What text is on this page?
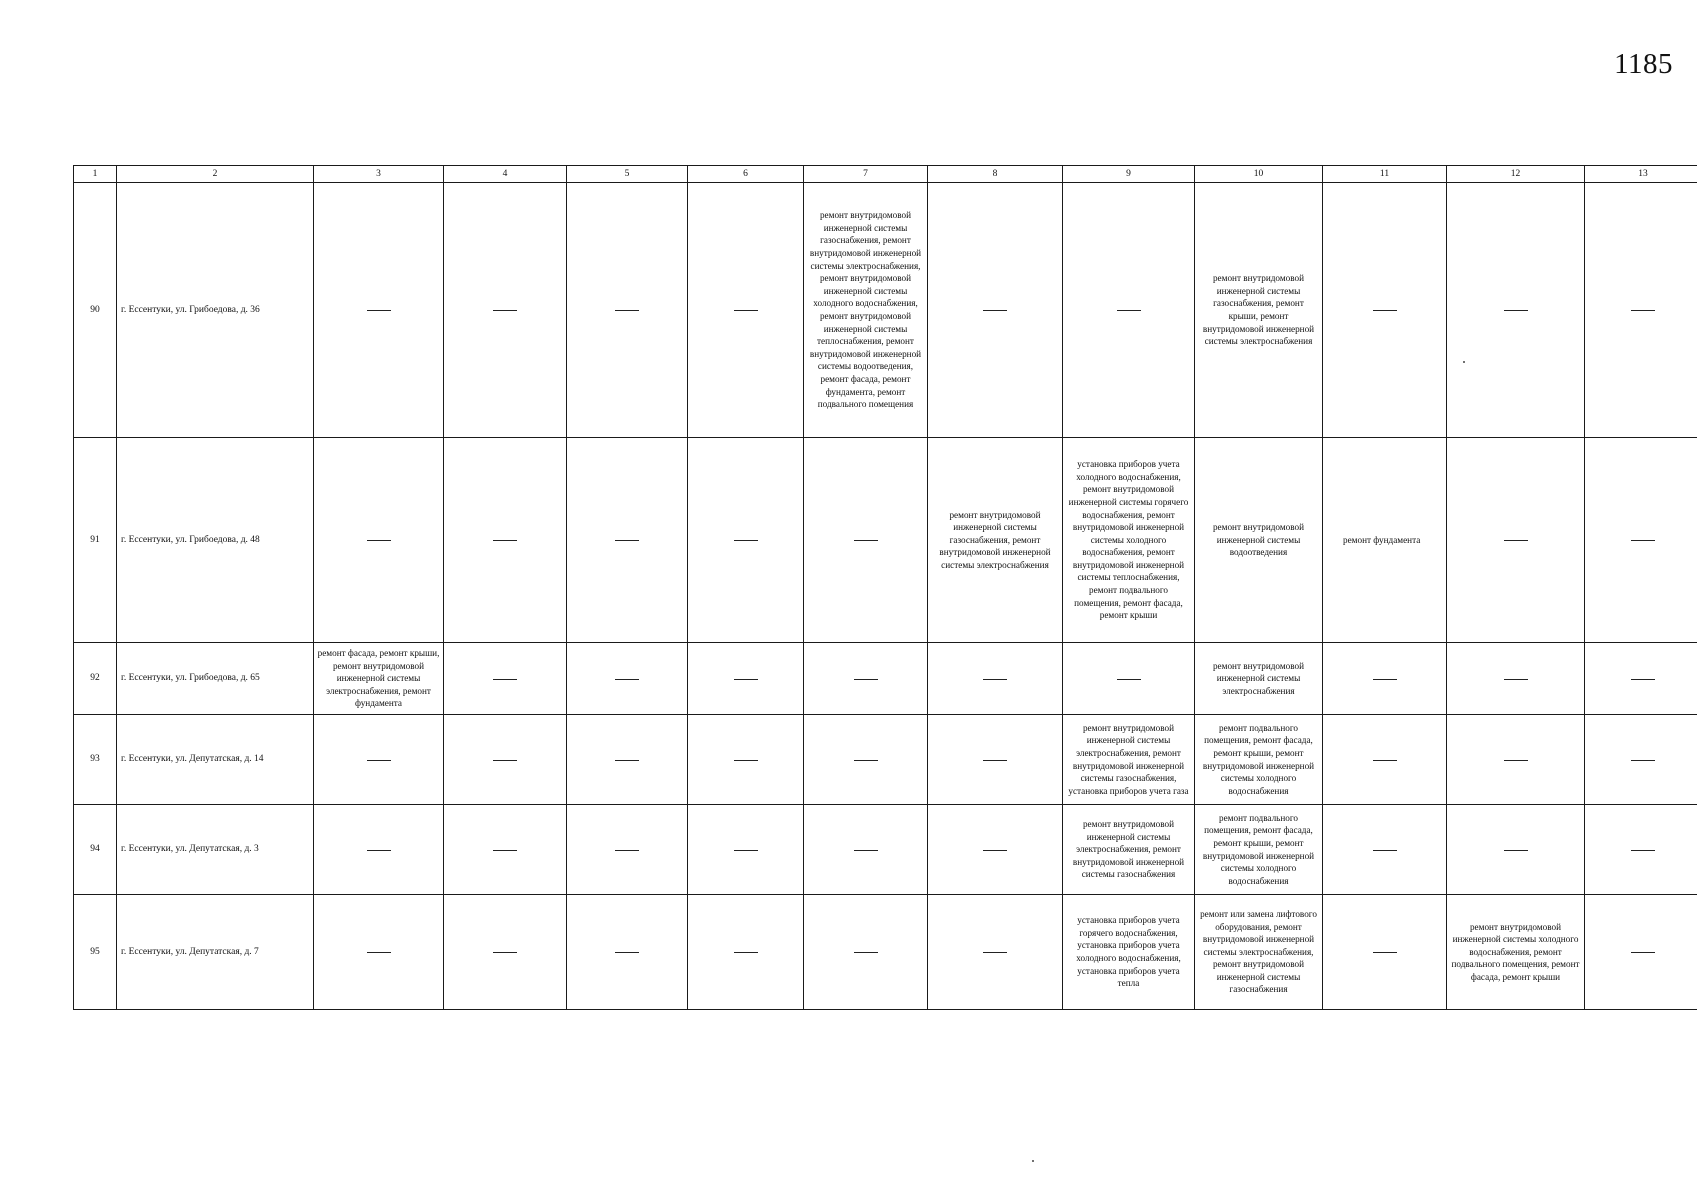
1185
1	2	3	4	5	6	7	8	9	10	11	12	13
90	г. Ессентуки, ул. Грибоедова, д. 36					ремонт внутридомовой инженерной системы газоснабжения, ремонт внутридомовой инженерной системы электроснабжения, ремонт внутридомовой инженерной системы холодного водоснабжения, ремонт внутридомовой инженерной системы теплоснабжения, ремонт внутридомовой инженерной системы водоотведения, ремонт фасада, ремонт фундамента, ремонт подвального помещения			ремонт внутридомовой инженерной системы газоснабжения, ремонт крыши, ремонт внутридомовой инженерной системы электроснабжения			
91	г. Ессентуки, ул. Грибоедова, д. 48						ремонт внутридомовой инженерной системы газоснабжения, ремонт внутридомовой инженерной системы электроснабжения	установка приборов учета холодного водоснабжения, ремонт внутридомовой инженерной системы горячего водоснабжения, ремонт внутридомовой инженерной системы холодного водоснабжения, ремонт внутридомовой инженерной системы теплоснабжения, ремонт подвального помещения, ремонт фасада, ремонт крыши	ремонт внутридомовой инженерной системы водоотведения	ремонт фундамента		
92	г. Ессентуки, ул. Грибоедова, д. 65	ремонт фасада, ремонт крыши, ремонт внутридомовой инженерной системы электроснабжения, ремонт фундамента							ремонт внутридомовой инженерной системы электроснабжения			
93	г. Ессентуки, ул. Депутатская, д. 14							ремонт внутридомовой инженерной системы электроснабжения, ремонт внутридомовой инженерной системы газоснабжения, установка приборов учета газа	ремонт подвального помещения, ремонт фасада, ремонт крыши, ремонт внутридомовой инженерной системы холодного водоснабжения			
94	г. Ессентуки, ул. Депутатская, д. 3							ремонт внутридомовой инженерной системы электроснабжения, ремонт внутридомовой инженерной системы газоснабжения	ремонт подвального помещения, ремонт фасада, ремонт крыши, ремонт внутридомовой инженерной системы холодного водоснабжения			
95	г. Ессентуки, ул. Депутатская, д. 7							установка приборов учета горячего водоснабжения, установка приборов учета холодного водоснабжения, установка приборов учета тепла	ремонт или замена лифтового оборудования, ремонт внутридомовой инженерной системы электроснабжения, ремонт внутридомовой инженерной системы газоснабжения		ремонт внутридомовой инженерной системы холодного водоснабжения, ремонт подвального помещения, ремонт фасада, ремонт крыши	
